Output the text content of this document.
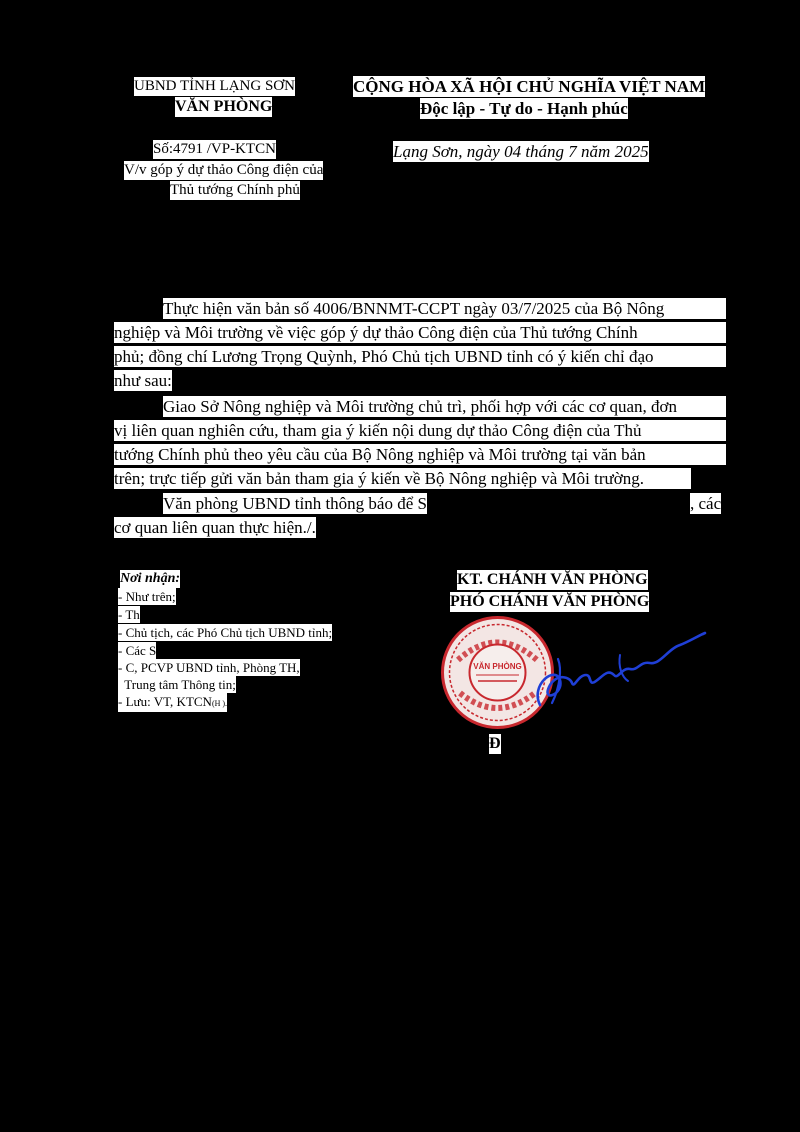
UBND TỈNH LẠNG SƠN
VĂN PHÒNG
CỘNG HÒA XÃ HỘI CHỦ NGHĨA VIỆT NAM
Độc lập - Tự do - Hạnh phúc
Số:4791 /VP-KTCN
V/v góp ý dự thảo Công điện của
Thủ tướng Chính phủ
Lạng Sơn, ngày 04 tháng 7 năm 2025
Thực hiện văn bản số 4006/BNNMT-CCPT ngày 03/7/2025 của Bộ Nông
nghiệp và Môi trường về việc góp ý dự thảo Công điện của Thủ tướng Chính
phủ; đồng chí Lương Trọng Quỳnh, Phó Chủ tịch UBND tỉnh có ý kiến chỉ đạo
như sau:
Giao Sở Nông nghiệp và Môi trường chủ trì, phối hợp với các cơ quan, đơn
vị liên quan nghiên cứu, tham gia ý kiến nội dung dự thảo Công điện của Thủ
tướng Chính phủ theo yêu cầu của Bộ Nông nghiệp và Môi trường tại văn bản
trên; trực tiếp gửi văn bản tham gia ý kiến về Bộ Nông nghiệp và Môi trường.
Văn phòng UBND tỉnh thông báo để S	, các
cơ quan liên quan thực hiện./.
Nơi nhận:
- Như trên;
- Th
- Chủ tịch, các Phó Chủ tịch UBND tỉnh;
- Các S
- C, PCVP UBND tỉnh, Phòng TH,
Trung tâm Thông tin;
- Lưu: VT, KTCN(H ).
KT. CHÁNH VĂN PHÒNG
PHÓ CHÁNH VĂN PHÒNG
VĂN PHÒNG
Đ
